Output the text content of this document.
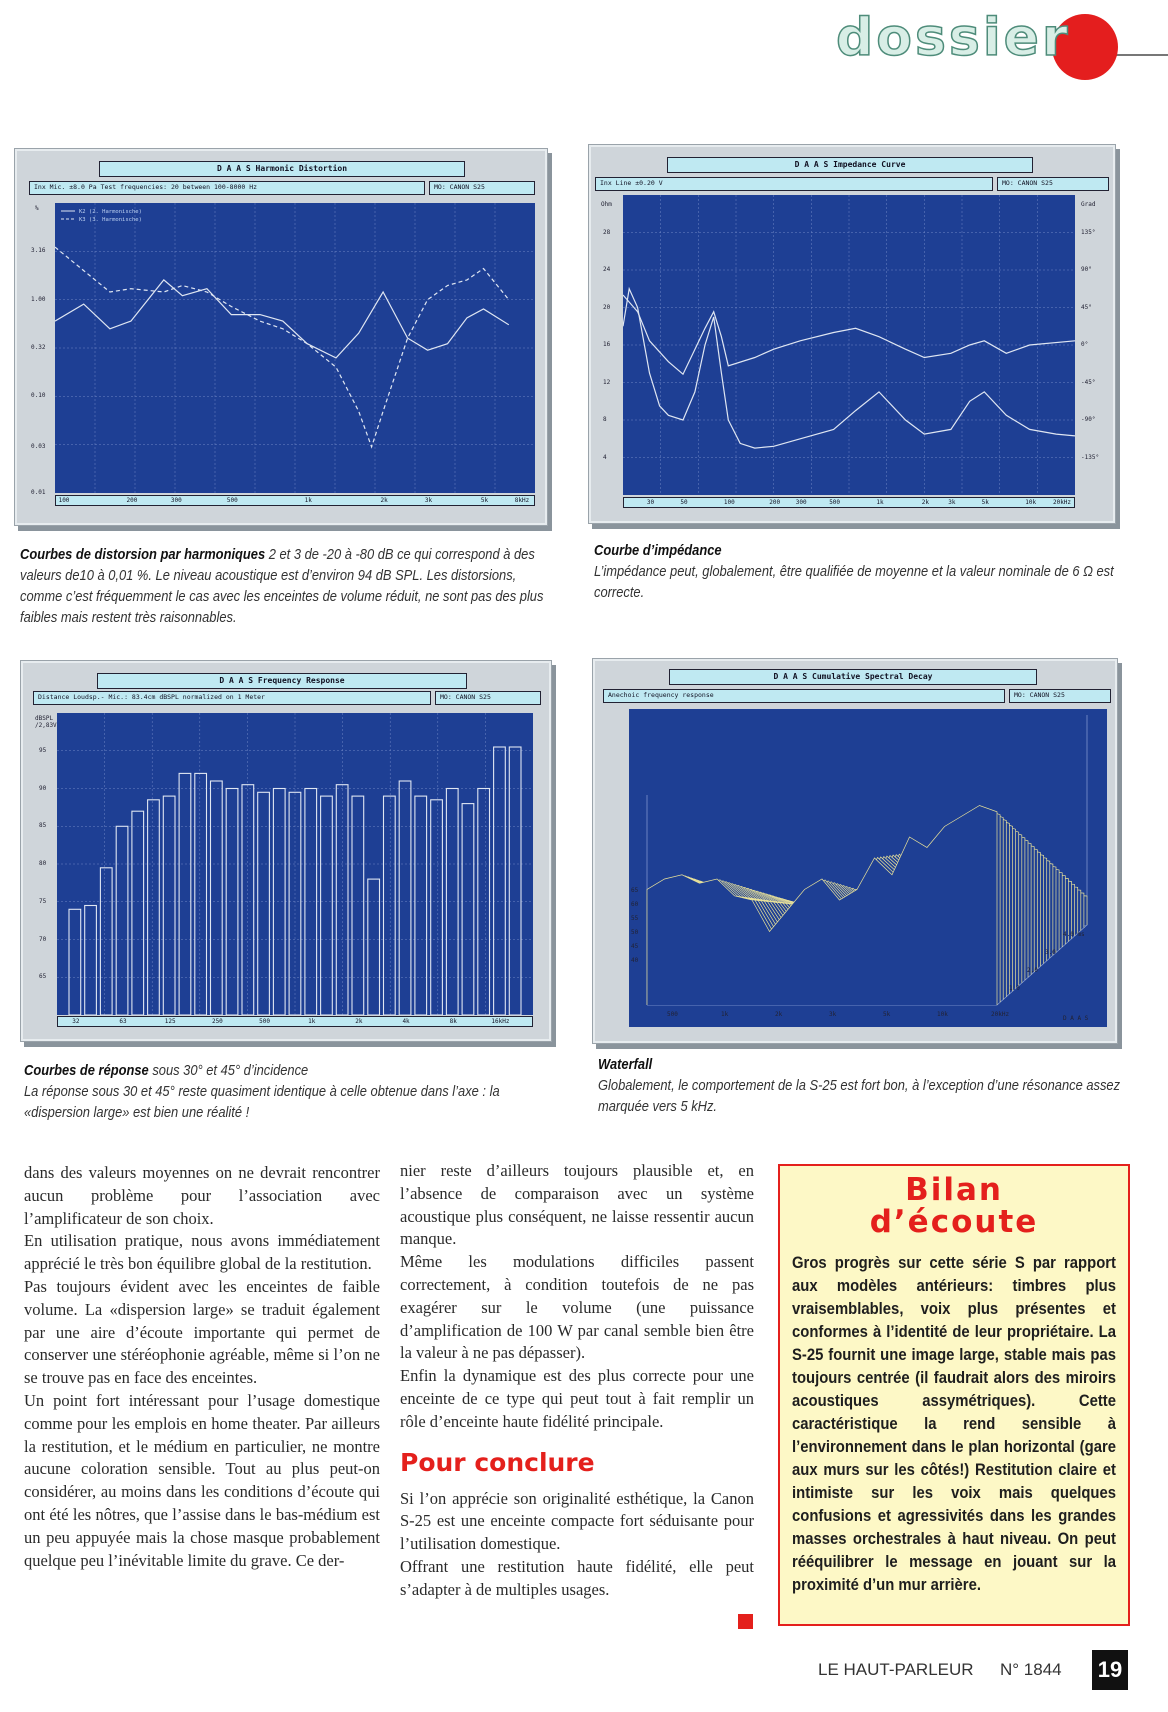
dossier
D A A S Harmonic Distortion
Inx Mic. ±8.0 Pa Test frequencies: 20 between 100-8000 Hz	MO: CANON S25
%	K2 (2. Harmonische)
K3 (3. Harmonische)
100	200	300	500	1k	2k	3k	5k	8kHz
3.16
1.00
0.32
0.10
0.03
0.01
D A A S Impedance Curve
Inx Line ±0.20 V	MO: CANON S25
Ohm	Grad
30	50	100	200	300	500	1k	2k	3k	5k	10k	20kHz
28
24
20
16
12
8
4
135°
90°
45°
0°
-45°
-90°
-135°
Courbes de distorsion par harmoniques 2 et 3 de -20 à -80 dB ce qui correspond à des valeurs de10 à 0,01 %. Le niveau acoustique est d’environ 94 dB SPL. Les distorsions, comme c’est fréquemment le cas avec les enceintes de volume réduit, ne sont pas des plus faibles mais restent très raisonnables.
Courbe d’impédance
L’impédance peut, globalement, être qualifiée de moyenne et la valeur nominale de 6 Ω est correcte.
D A A S Frequency Response
Distance Loudsp.- Mic.: 83.4cm dBSPL normalized on 1 Meter	MO: CANON S25
dBSPL /2,83V
32	63	125	250	500	1k	2k	4k	8k	16kHz
95
90
85
80
75
70
65
D A A S Cumulative Spectral Decay
Anechoic frequency response	MO: CANON S25
65
60
55
50
45
40
500	1k	2k	3k	5k	10k	20kHz
1.0
2.0
3.0
4.0 ms
D A A S
Courbes de réponse sous 30° et 45° d’incidence
La réponse sous 30 et 45° reste quasiment identique à celle obtenue dans l’axe : la «dispersion large» est bien une réalité !
Waterfall
Globalement, le comportement de la S-25 est fort bon, à l’exception d’une résonance assez marquée vers 5 kHz.

dans des valeurs moyennes on ne devrait rencontrer aucun problème pour l’association avec l’amplificateur de son choix.

En utilisation pratique, nous avons immédiatement apprécié le très bon équilibre global de la restitution.

Pas toujours évident avec les enceintes de faible volume. La «dispersion large» se traduit également par une aire d’écoute importante qui permet de conserver une stéréophonie agréable, même si l’on ne se trouve pas en face des enceintes.

Un point fort intéressant pour l’usage domestique comme pour les emplois en home theater. Par ailleurs la restitution, et le médium en particulier, ne montre aucune coloration sensible. Tout au plus peut-on considérer, au moins dans les conditions d’écoute qui ont été les nôtres, que l’assise dans le bas-médium est un peu appuyée mais la chose masque probablement quelque peu l’inévitable limite du grave. Ce der-

nier reste d’ailleurs toujours plausible et, en l’absence de comparaison avec un système acoustique plus conséquent, ne laisse ressentir aucun manque.

Même les modulations difficiles passent correctement, à condition toutefois de ne pas exagérer sur le volume (une puissance d’amplification de 100 W par canal semble bien être la valeur à ne pas dépasser).

Enfin la dynamique est des plus correcte pour une enceinte de ce type qui peut tout à fait remplir un rôle d’enceinte haute fidélité principale.

Pour conclure

Si l’on apprécie son originalité esthétique, la Canon S-25 est une enceinte compacte fort séduisante pour l’utilisation domestique.

Offrant une restitution haute fidélité, elle peut s’adapter à de multiples usages.

Bilan
d’écoute
Gros progrès sur cette série S par rapport aux modèles antérieurs: timbres plus vraisemblables, voix plus présentes et conformes à l’identité de leur propriétaire. La S-25 fournit une image large, stable mais pas toujours centrée (il faudrait alors des miroirs acoustiques assymétriques). Cette caractéristique la rend sensible à l’environnement dans le plan horizontal (gare aux murs sur les côtés!) Restitution claire et intimiste sur les voix mais quelques confusions et agressivités dans les grandes masses orchestrales à haut niveau. On peut rééquilibrer le message en jouant sur la proximité d’un mur arrière.
LE HAUT-PARLEUR N° 1844 19
